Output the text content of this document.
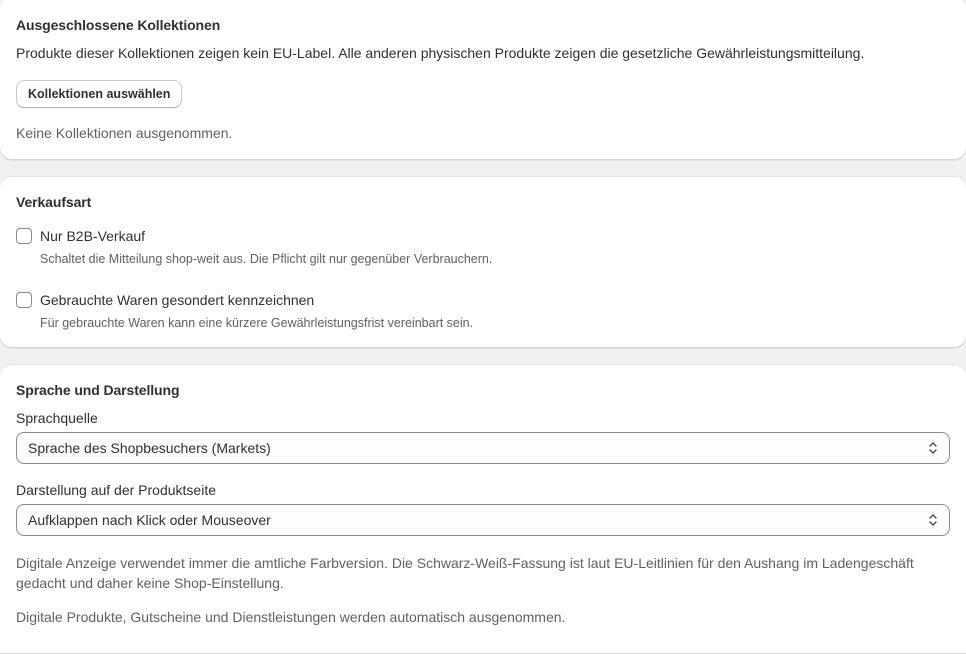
Ausgeschlossene Kollektionen
Produkte dieser Kollektionen zeigen kein EU-Label. Alle anderen physischen Produkte zeigen die gesetzliche Gewährleistungsmitteilung.
Kollektionen auswählen
Keine Kollektionen ausgenommen.
Verkaufsart
Nur B2B-Verkauf
Schaltet die Mitteilung shop-weit aus. Die Pflicht gilt nur gegenüber Verbrauchern.
Gebrauchte Waren gesondert kennzeichnen
Für gebrauchte Waren kann eine kürzere Gewährleistungsfrist vereinbart sein.
Sprache und Darstellung
Sprachquelle
Sprache des Shopbesuchers (Markets)
Darstellung auf der Produktseite
Aufklappen nach Klick oder Mouseover
Digitale Anzeige verwendet immer die amtliche Farbversion. Die Schwarz-Weiß-Fassung ist laut EU-Leitlinien für den Aushang im Ladengeschäft gedacht und daher keine Shop-Einstellung.
Digitale Produkte, Gutscheine und Dienstleistungen werden automatisch ausgenommen.
